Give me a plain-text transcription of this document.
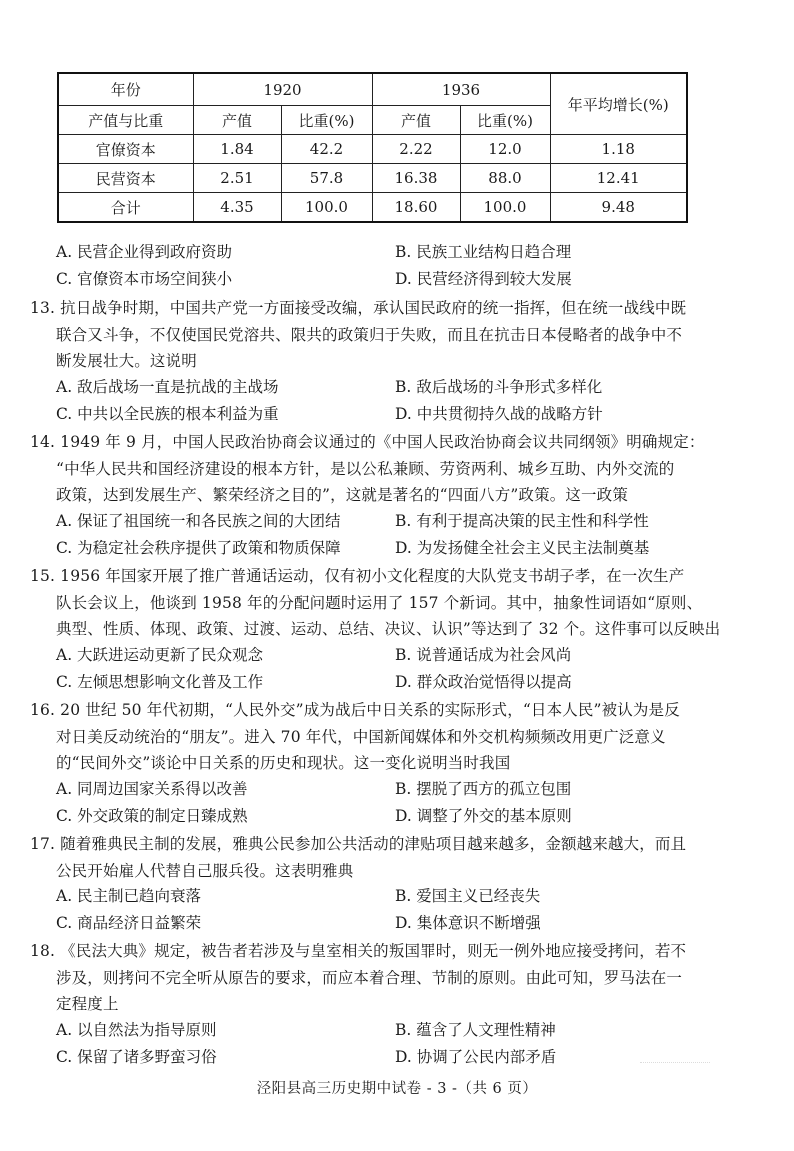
年份	1920		1936		年平均增长(%)
产值与比重	产值	比重(%)	产值	比重(%)	
官僚资本	1.84	42.2	2.22	12.0	1.18
民营资本	2.51	57.8	16.38	88.0	12.41
合计	4.35	100.0	18.60	100.0	9.48
A. 民营企业得到政府资助	B. 民族工业结构日趋合理
C. 官僚资本市场空间狭小	D. 民营经济得到较大发展
13. 抗日战争时期，中国共产党一方面接受改编，承认国民政府的统一指挥，但在统一战线中既
联合又斗争，不仅使国民党溶共、限共的政策归于失败，而且在抗击日本侵略者的战争中不
断发展壮大。这说明
A. 敌后战场一直是抗战的主战场	B. 敌后战场的斗争形式多样化
C. 中共以全民族的根本利益为重	D. 中共贯彻持久战的战略方针
14. 1949 年 9 月，中国人民政治协商会议通过的《中国人民政治协商会议共同纲领》明确规定：
“中华人民共和国经济建设的根本方针，是以公私兼顾、劳资两利、城乡互助、内外交流的
政策，达到发展生产、繁荣经济之目的”，这就是著名的“四面八方”政策。这一政策
A. 保证了祖国统一和各民族之间的大团结	B. 有利于提高决策的民主性和科学性
C. 为稳定社会秩序提供了政策和物质保障	D. 为发扬健全社会主义民主法制奠基
15. 1956 年国家开展了推广普通话运动，仅有初小文化程度的大队党支书胡子孝，在一次生产
队长会议上，他谈到 1958 年的分配问题时运用了 157 个新词。其中，抽象性词语如“原则、
典型、性质、体现、政策、过渡、运动、总结、决议、认识”等达到了 32 个。这件事可以反映出
A. 大跃进运动更新了民众观念	B. 说普通话成为社会风尚
C. 左倾思想影响文化普及工作	D. 群众政治觉悟得以提高
16. 20 世纪 50 年代初期，“人民外交”成为战后中日关系的实际形式，“日本人民”被认为是反
对日美反动统治的“朋友”。进入 70 年代，中国新闻媒体和外交机构频频改用更广泛意义
的“民间外交”谈论中日关系的历史和现状。这一变化说明当时我国
A. 同周边国家关系得以改善	B. 摆脱了西方的孤立包围
C. 外交政策的制定日臻成熟	D. 调整了外交的基本原则
17. 随着雅典民主制的发展，雅典公民参加公共活动的津贴项目越来越多，金额越来越大，而且
公民开始雇人代替自己服兵役。这表明雅典
A. 民主制已趋向衰落	B. 爱国主义已经丧失
C. 商品经济日益繁荣	D. 集体意识不断增强
18. 《民法大典》规定，被告者若涉及与皇室相关的叛国罪时，则无一例外地应接受拷问，若不
涉及，则拷问不完全听从原告的要求，而应本着合理、节制的原则。由此可知，罗马法在一
定程度上
A. 以自然法为指导原则	B. 蕴含了人文理性精神
C. 保留了诸多野蛮习俗	D. 协调了公民内部矛盾
泾阳县高三历史期中试卷 - 3 -（共 6 页）
